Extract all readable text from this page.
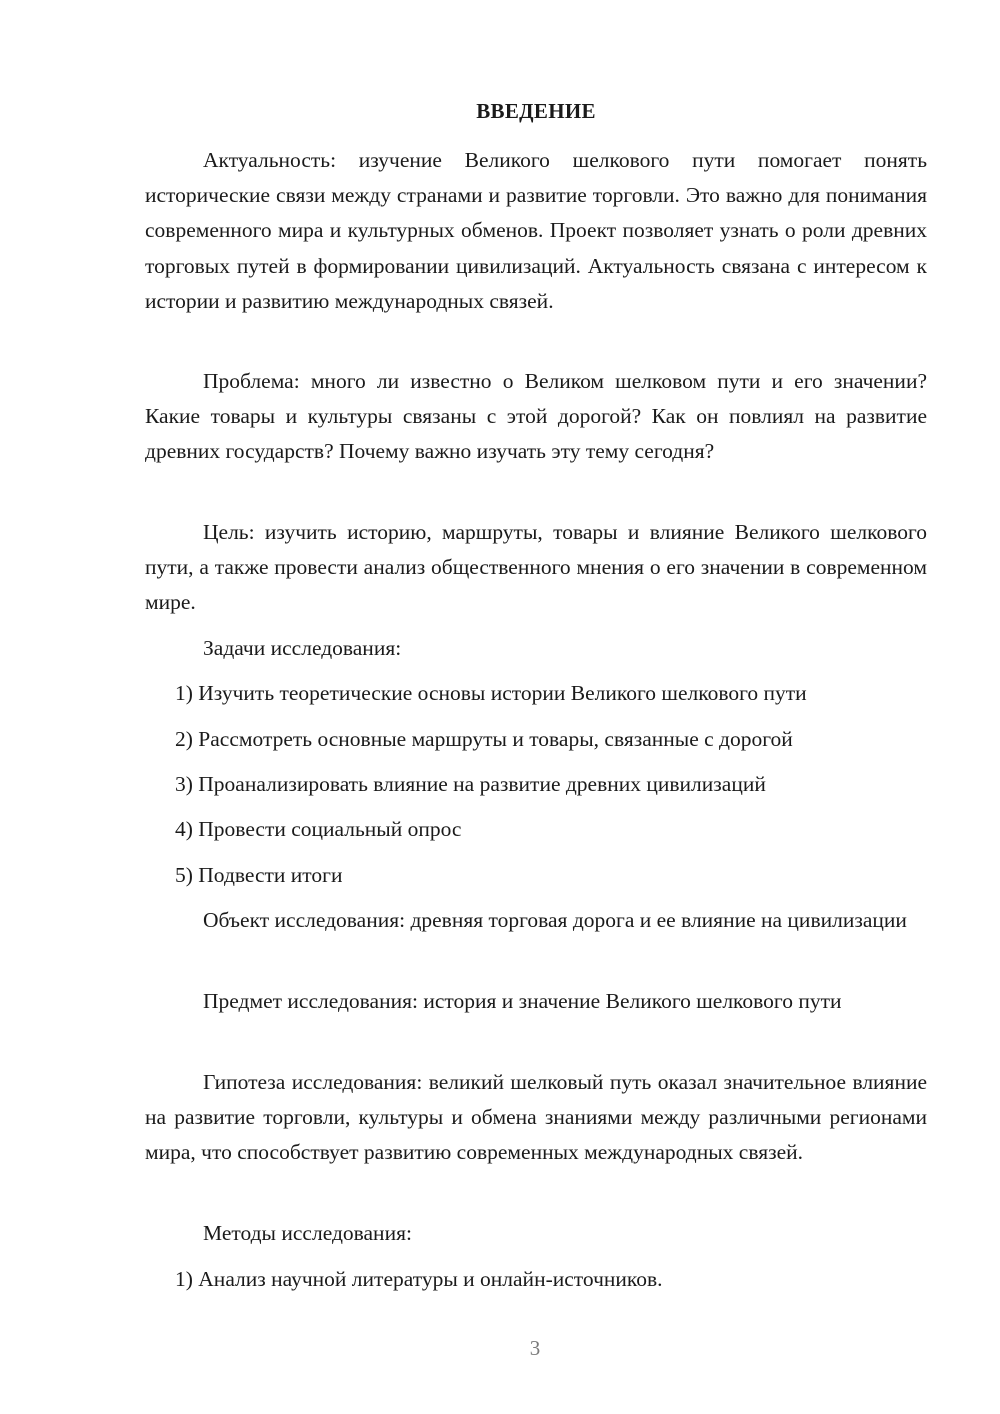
ВВЕДЕНИЕ

Актуальность: изучение Великого шелкового пути помогает понять исторические связи между странами и развитие торговли. Это важно для понимания современного мира и культурных обменов. Проект позволяет узнать о роли древних торговых путей в формировании цивилизаций. Актуальность связана с интересом к истории и развитию международных связей.

Проблема: много ли известно о Великом шелковом пути и его значении? Какие товары и культуры связаны с этой дорогой? Как он повлиял на развитие древних государств? Почему важно изучать эту тему сегодня?

Цель: изучить историю, маршруты, товары и влияние Великого шелкового пути, а также провести анализ общественного мнения о его значении в современном мире.

Задачи исследования:

1) Изучить теоретические основы истории Великого шелкового пути

2) Рассмотреть основные маршруты и товары, связанные с дорогой

3) Проанализировать влияние на развитие древних цивилизаций

4) Провести социальный опрос

5) Подвести итоги

Объект исследования: древняя торговая дорога и ее влияние на цивилизации

Предмет исследования: история и значение Великого шелкового пути

Гипотеза исследования: великий шелковый путь оказал значительное влияние на развитие торговли, культуры и обмена знаниями между различными регионами мира, что способствует развитию современных международных связей.

Методы исследования:

1) Анализ научной литературы и онлайн-источников.

3
